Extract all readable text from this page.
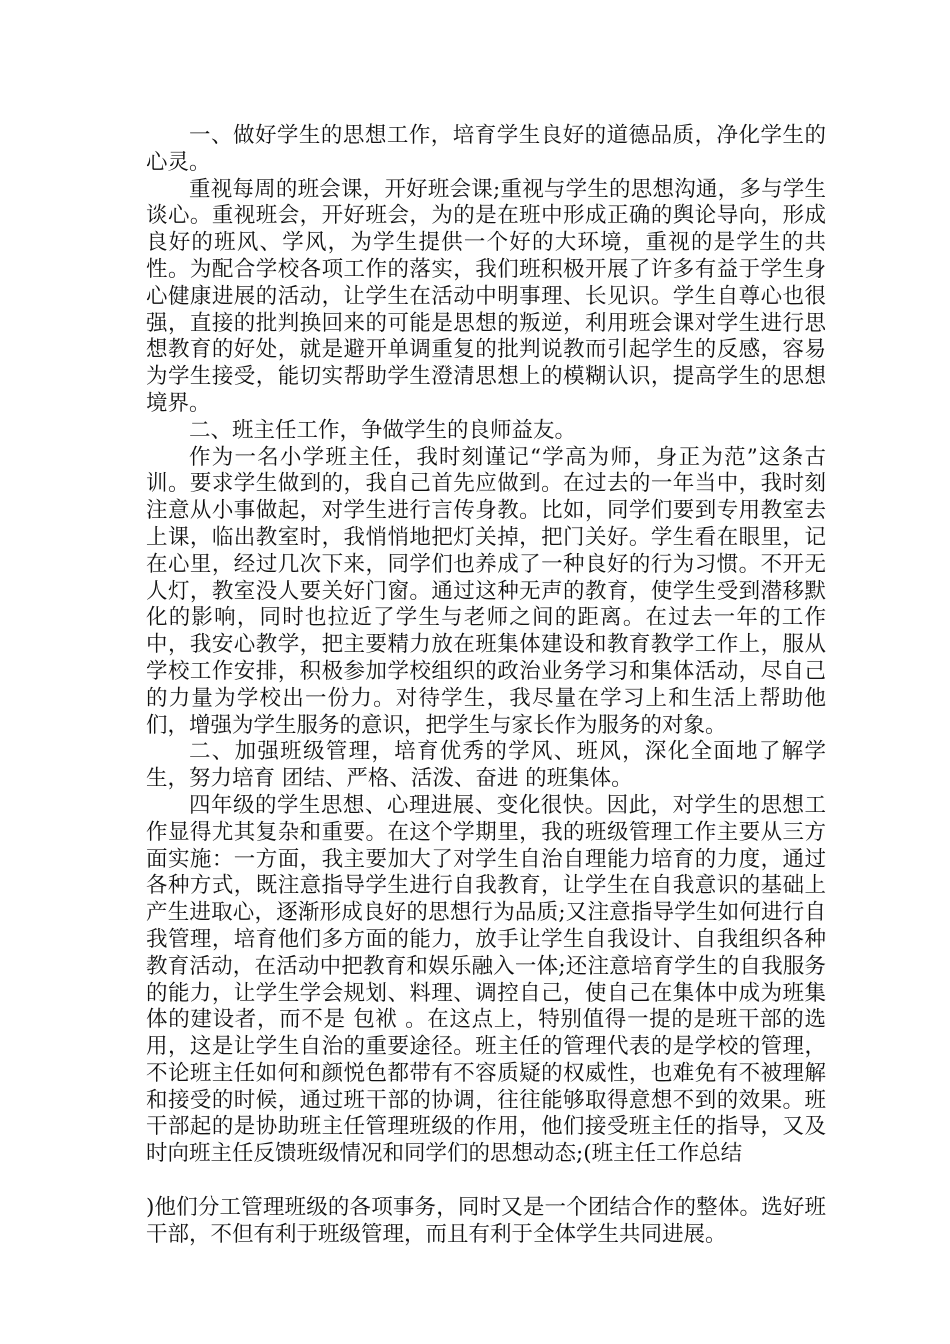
一、做好学生的思想工作，培育学生良好的道德品质，净化学生的心灵。

重视每周的班会课，开好班会课;重视与学生的思想沟通，多与学生谈心。重视班会，开好班会，为的是在班中形成正确的舆论导向，形成良好的班风、学风，为学生提供一个好的大环境，重视的是学生的共性。为配合学校各项工作的落实，我们班积极开展了许多有益于学生身心健康进展的活动，让学生在活动中明事理、长见识。学生自尊心也很强，直接的批判换回来的可能是思想的叛逆，利用班会课对学生进行思想教育的好处，就是避开单调重复的批判说教而引起学生的反感，容易为学生接受，能切实帮助学生澄清思想上的模糊认识，提高学生的思想境界。

二、班主任工作，争做学生的良师益友。

作为一名小学班主任，我时刻谨记“学高为师，身正为范”这条古训。要求学生做到的，我自己首先应做到。在过去的一年当中，我时刻注意从小事做起，对学生进行言传身教。比如，同学们要到专用教室去上课，临出教室时，我悄悄地把灯关掉，把门关好。学生看在眼里，记在心里，经过几次下来，同学们也养成了一种良好的行为习惯。不开无人灯，教室没人要关好门窗。通过这种无声的教育，使学生受到潜移默化的影响，同时也拉近了学生与老师之间的距离。在过去一年的工作中，我安心教学，把主要精力放在班集体建设和教育教学工作上，服从学校工作安排，积极参加学校组织的政治业务学习和集体活动，尽自己的力量为学校出一份力。对待学生，我尽量在学习上和生活上帮助他们，增强为学生服务的意识，把学生与家长作为服务的对象。

二、加强班级管理，培育优秀的学风、班风，深化全面地了解学生，努力培育 团结、严格、活泼、奋进 的班集体。

四年级的学生思想、心理进展、变化很快。因此，对学生的思想工作显得尤其复杂和重要。在这个学期里，我的班级管理工作主要从三方面实施：一方面，我主要加大了对学生自治自理能力培育的力度，通过各种方式，既注意指导学生进行自我教育，让学生在自我意识的基础上产生进取心，逐渐形成良好的思想行为品质;又注意指导学生如何进行自我管理，培育他们多方面的能力，放手让学生自我设计、自我组织各种教育活动，在活动中把教育和娱乐融入一体;还注意培育学生的自我服务的能力，让学生学会规划、料理、调控自己，使自己在集体中成为班集体的建设者，而不是 包袱 。在这点上，特别值得一提的是班干部的选用，这是让学生自治的重要途径。班主任的管理代表的是学校的管理，不论班主任如何和颜悦色都带有不容质疑的权威性，也难免有不被理解和接受的时候，通过班干部的协调，往往能够取得意想不到的效果。班干部起的是协助班主任管理班级的作用，他们接受班主任的指导，又及时向班主任反馈班级情况和同学们的思想动态;(班主任工作总结

)他们分工管理班级的各项事务，同时又是一个团结合作的整体。选好班干部，不但有利于班级管理，而且有利于全体学生共同进展。
